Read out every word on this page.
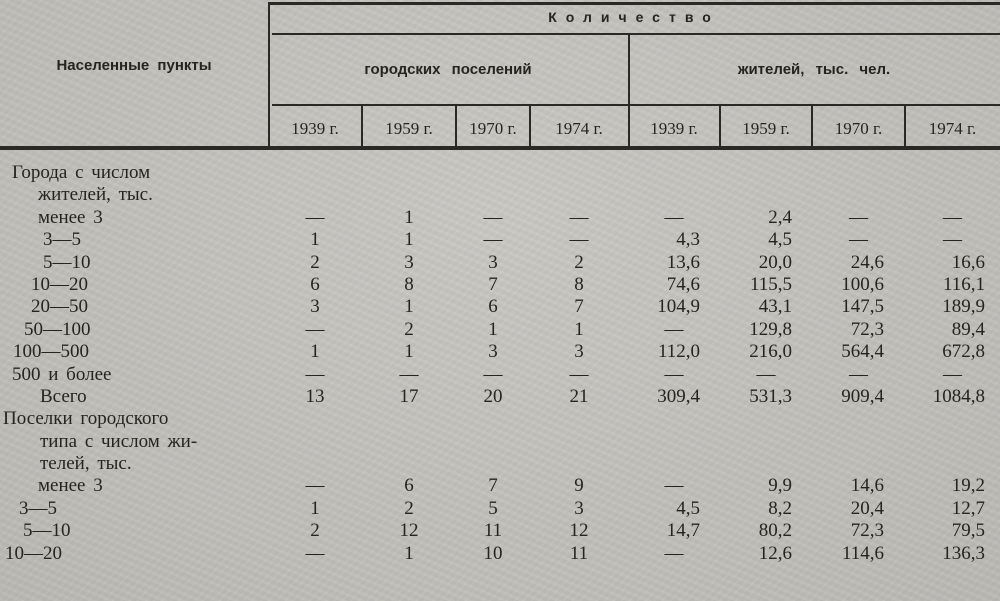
Населенные пункты
Количество
городских поселений	жителей, тыс. чел.
1939 г.	1959 г.	1970 г.	1974 г.	1939 г.	1959 г.	1970 г.	1974 г.
Города с числом
жителей, тыс.
менее 3	—	1	—	—	—	2,4	—	—
3—5	1	1	—	—	4,3	4,5	—	—
5—10	2	3	3	2	13,6	20,0	24,6	16,6
10—20	6	8	7	8	74,6	115,5	100,6	116,1
20—50	3	1	6	7	104,9	43,1	147,5	189,9
50—100	—	2	1	1	—	129,8	72,3	89,4
100—500	1	1	3	3	112,0	216,0	564,4	672,8
500 и более	—	—	—	—	—	—	—	—
Всего	13	17	20	21	309,4	531,3	909,4	1084,8
Поселки городского
типа с числом жи-
телей, тыс.
менее 3	—	6	7	9	—	9,9	14,6	19,2
3—5	1	2	5	3	4,5	8,2	20,4	12,7
5—10	2	12	11	12	14,7	80,2	72,3	79,5
10—20	—	1	10	11	—	12,6	114,6	136,3
